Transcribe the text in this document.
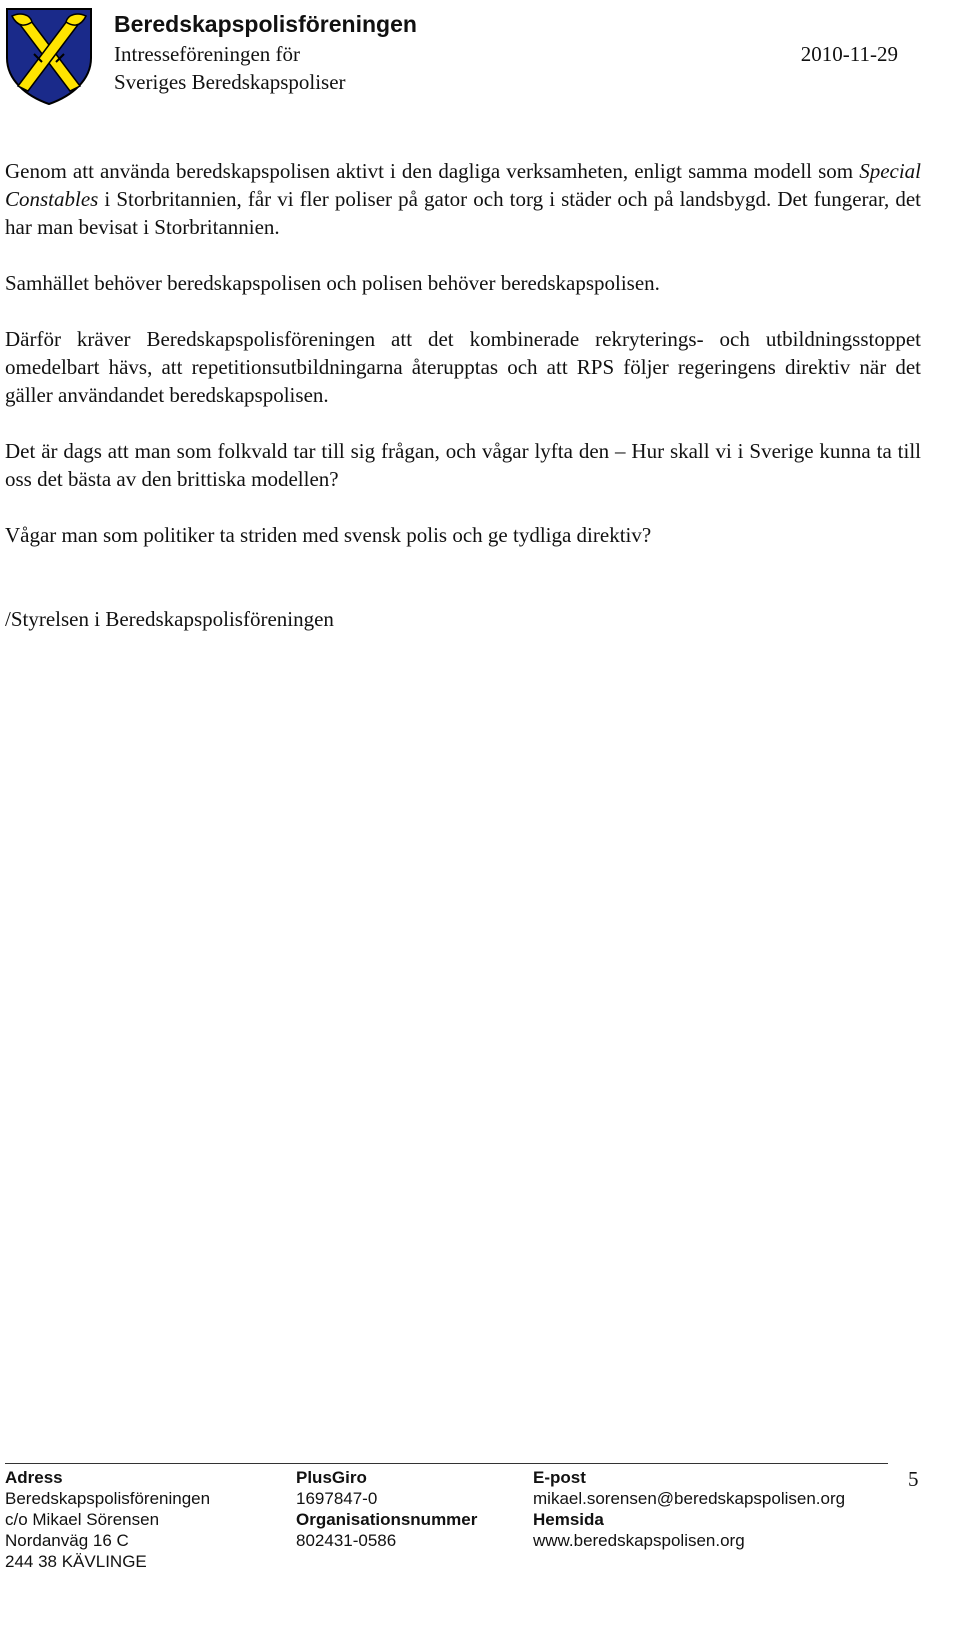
Beredskapspolisföreningen
Intresseföreningen för
Sveriges Beredskapspoliser
2010-11-29

Genom att använda beredskapspolisen aktivt i den dagliga verksamheten, enligt samma modell som Special Constables i Storbritannien, får vi fler poliser på gator och torg i städer och på landsbygd. Det fungerar, det har man bevisat i Storbritannien.

Samhället behöver beredskapspolisen och polisen behöver beredskapspolisen.

Därför kräver Beredskapspolisföreningen att det kombinerade rekryterings- och utbildningsstoppet omedelbart hävs, att repetitionsutbildningarna återupptas och att RPS följer regeringens direktiv när det gäller användandet beredskapspolisen.

Det är dags att man som folkvald tar till sig frågan, och vågar lyfta den – Hur skall vi i Sverige kunna ta till oss det bästa av den brittiska modellen?

Vågar man som politiker ta striden med svensk polis och ge tydliga direktiv?

/Styrelsen i Beredskapspolisföreningen

5
Adress
Beredskapspolisföreningen
c/o Mikael Sörensen
Nordanväg 16 C
244 38 KÄVLINGE
PlusGiro
1697847-0
Organisationsnummer
802431-0586
E-post
mikael.sorensen@beredskapspolisen.org
Hemsida
www.beredskapspolisen.org
